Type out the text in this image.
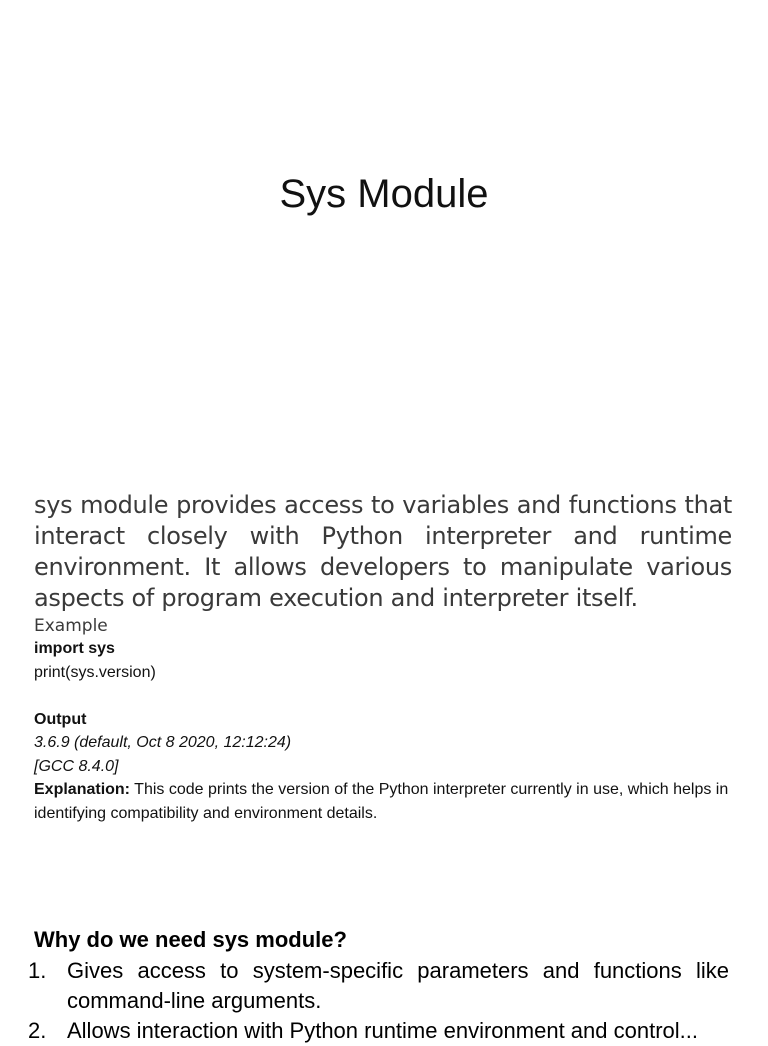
Sys Module
sys module provides access to variables and functions that interact closely with Python interpreter and runtime environment. It allows developers to manipulate various aspects of program execution and interpreter itself.
Example
import sys
print(sys.version)
Output
3.6.9 (default, Oct 8 2020, 12:12:24)
[GCC 8.4.0]
Explanation: This code prints the version of the Python interpreter currently in use, which helps in identifying compatibility and environment details.
Why do we need sys module?
1. Gives access to system-specific parameters and functions like command-line arguments.
2. Allows interaction with Python runtime environment and control...
